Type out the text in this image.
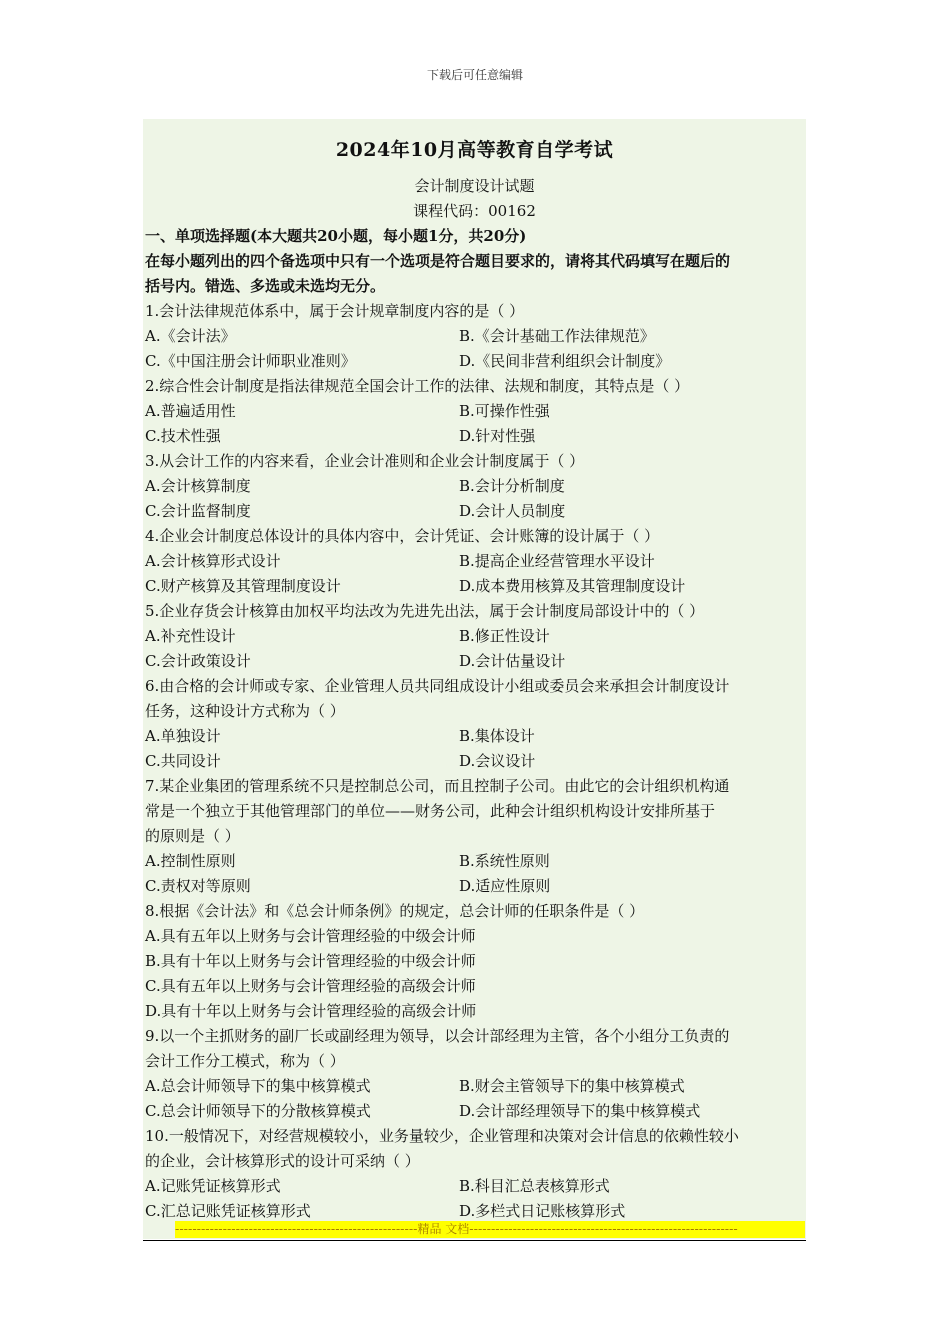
下载后可任意编辑
2024年10月高等教育自学考试
会计制度设计试题
课程代码：00162
一、单项选择题(本大题共20小题，每小题1分，共20分)
在每小题列出的四个备选项中只有一个选项是符合题目要求的，请将其代码填写在题后的
括号内。错选、多选或未选均无分。
1.会计法律规范体系中，属于会计规章制度内容的是（ ）
A.《会计法》	B.《会计基础工作法律规范》
C.《中国注册会计师职业准则》	D.《民间非营利组织会计制度》
2.综合性会计制度是指法律规范全国会计工作的法律、法规和制度，其特点是（ ）
A.普遍适用性	B.可操作性强
C.技术性强	D.针对性强
3.从会计工作的内容来看，企业会计准则和企业会计制度属于（ ）
A.会计核算制度	B.会计分析制度
C.会计监督制度	D.会计人员制度
4.企业会计制度总体设计的具体内容中，会计凭证、会计账簿的设计属于（ ）
A.会计核算形式设计	B.提高企业经营管理水平设计
C.财产核算及其管理制度设计	D.成本费用核算及其管理制度设计
5.企业存货会计核算由加权平均法改为先进先出法，属于会计制度局部设计中的（ ）
A.补充性设计	B.修正性设计
C.会计政策设计	D.会计估量设计
6.由合格的会计师或专家、企业管理人员共同组成设计小组或委员会来承担会计制度设计
任务，这种设计方式称为（ ）
A.单独设计	B.集体设计
C.共同设计	D.会议设计
7.某企业集团的管理系统不只是控制总公司，而且控制子公司。由此它的会计组织机构通
常是一个独立于其他管理部门的单位——财务公司，此种会计组织机构设计安排所基于
的原则是（ ）
A.控制性原则	B.系统性原则
C.责权对等原则	D.适应性原则
8.根据《会计法》和《总会计师条例》的规定，总会计师的任职条件是（ ）
A.具有五年以上财务与会计管理经验的中级会计师
B.具有十年以上财务与会计管理经验的中级会计师
C.具有五年以上财务与会计管理经验的高级会计师
D.具有十年以上财务与会计管理经验的高级会计师
9.以一个主抓财务的副厂长或副经理为领导，以会计部经理为主管，各个小组分工负责的
会计工作分工模式，称为（ ）
A.总会计师领导下的集中核算模式	B.财会主管领导下的集中核算模式
C.总会计师领导下的分散核算模式	D.会计部经理领导下的集中核算模式
10.一般情况下，对经营规模较小，业务量较少，企业管理和决策对会计信息的依赖性较小
的企业，会计核算形式的设计可采纳（ ）
A.记账凭证核算形式	B.科目汇总表核算形式
C.汇总记账凭证核算形式	D.多栏式日记账核算形式
--------------------------------------------------------精品 文档--------------------------------------------------------------
